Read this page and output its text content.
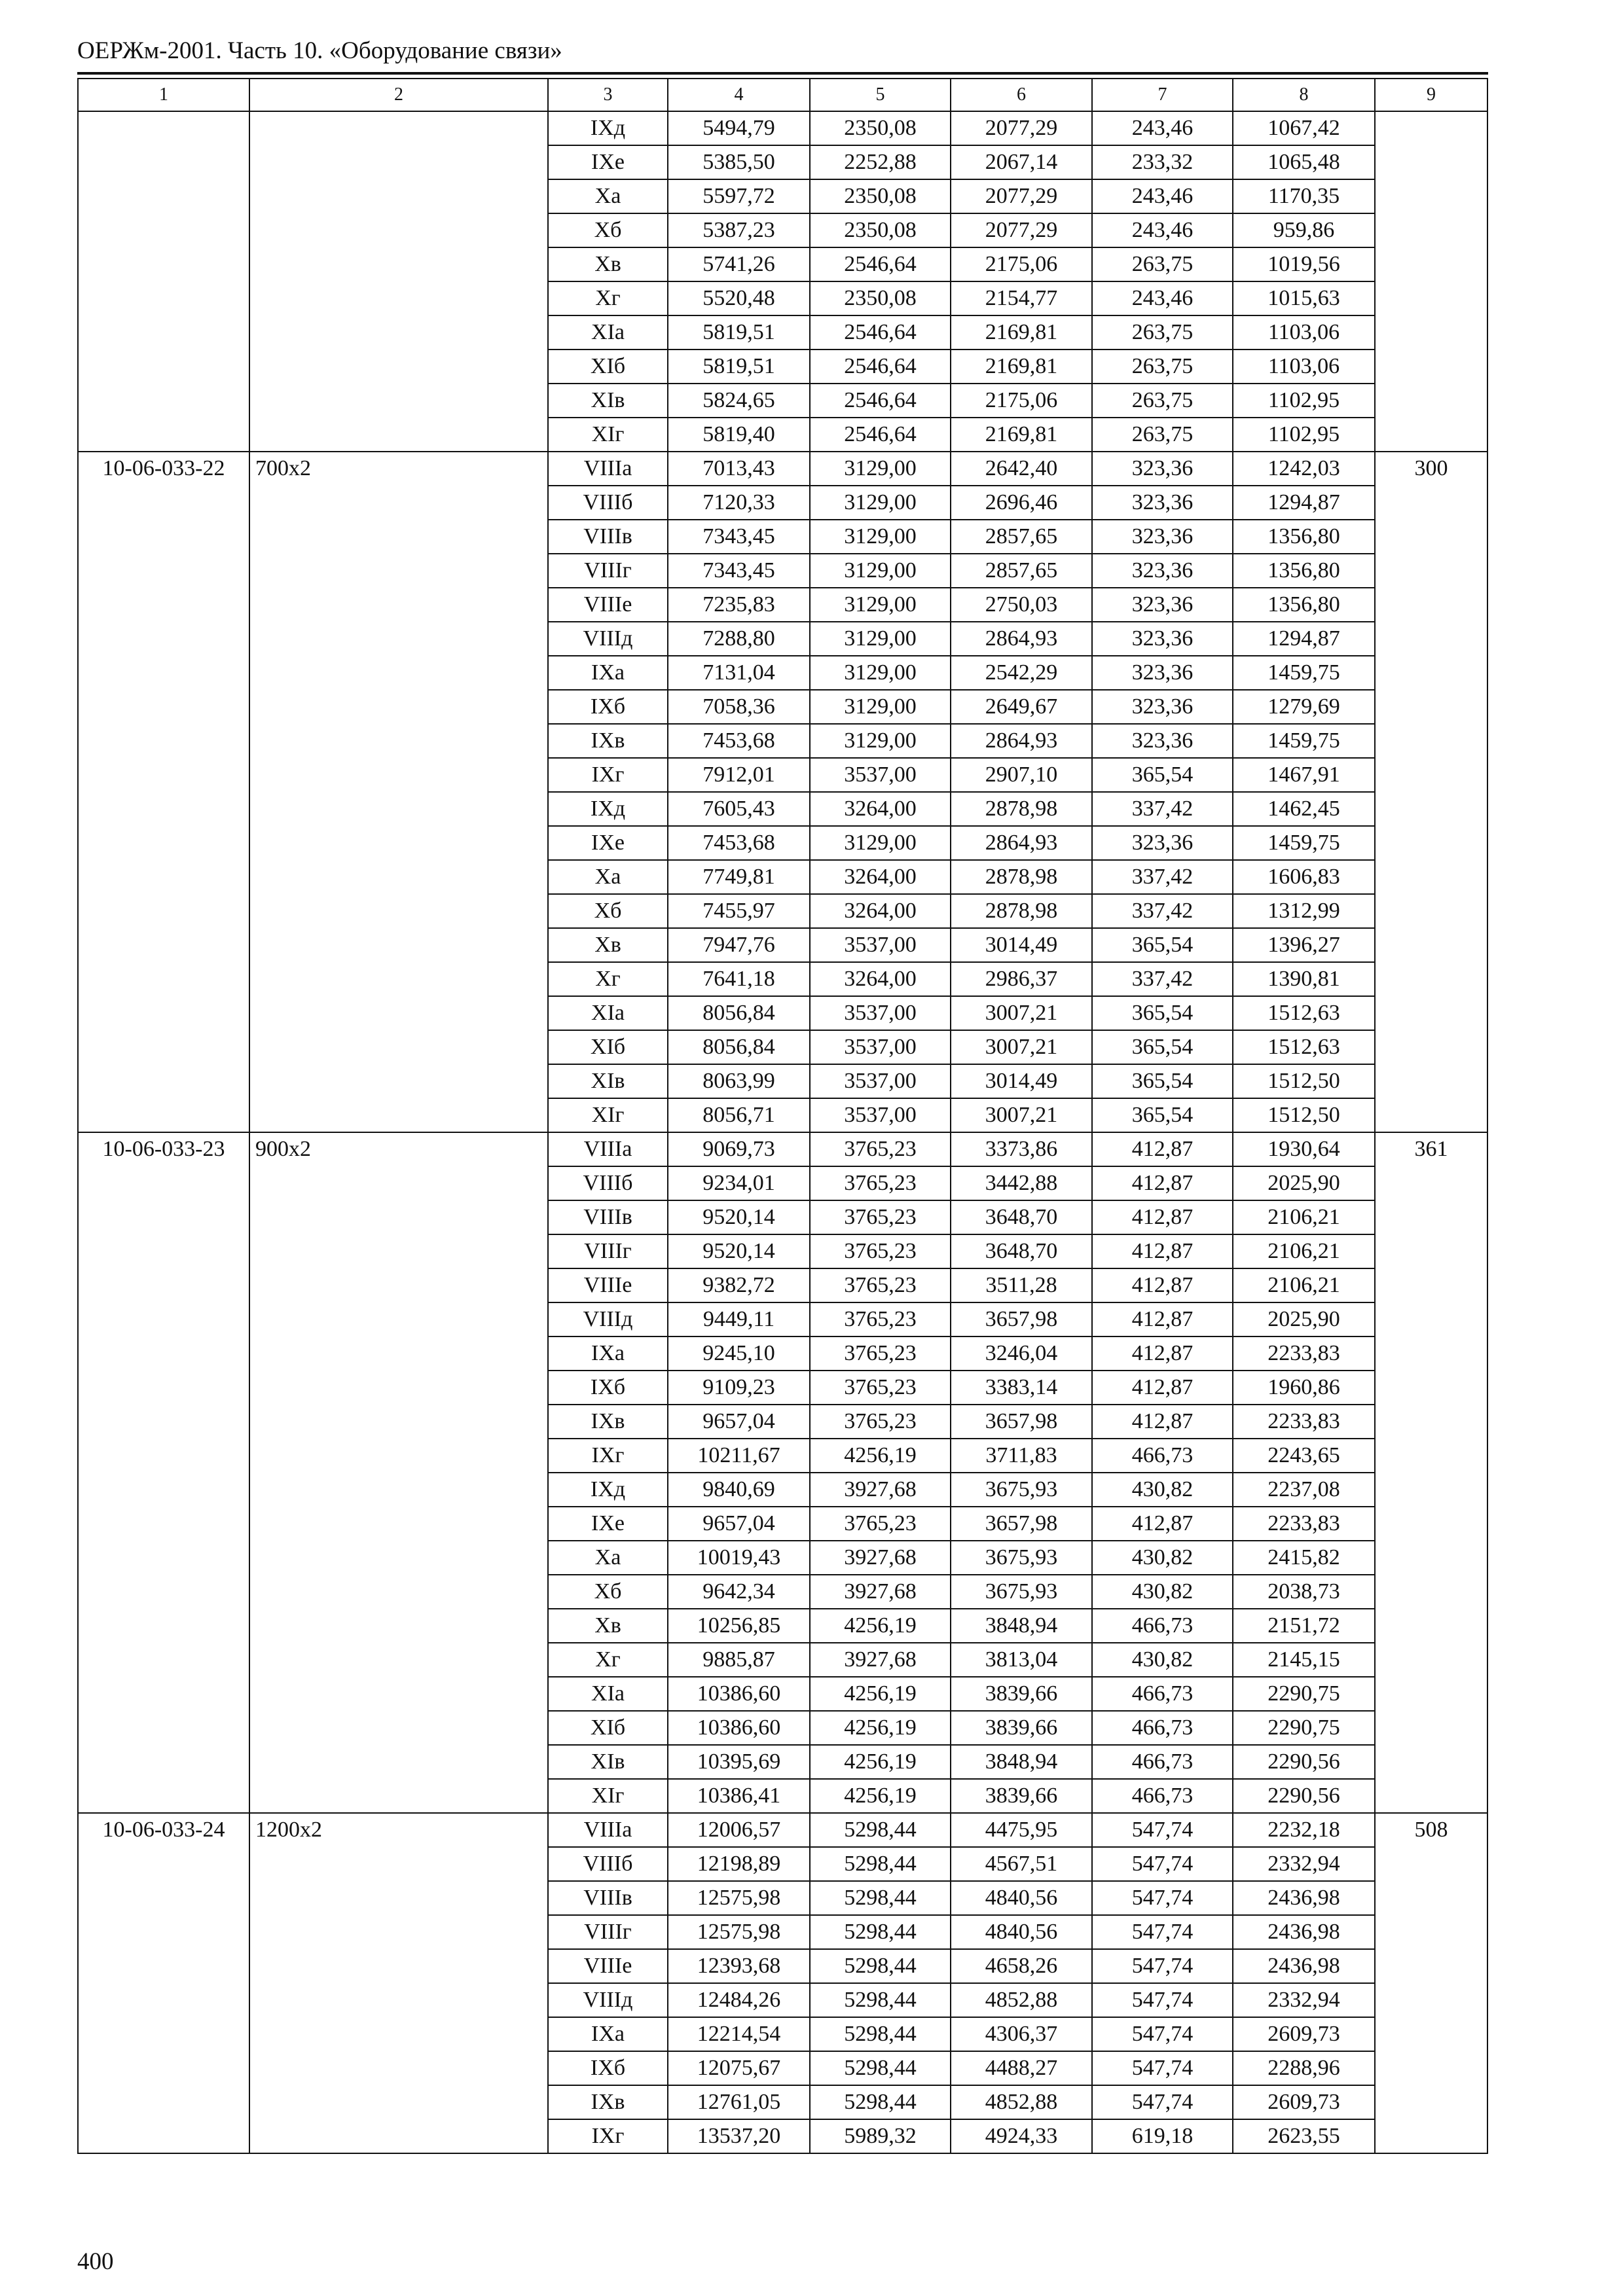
ОЕРЖм-2001. Часть 10. «Оборудование связи»
1	2	3	4	5	6	7	8	9
		IXд	5494,79	2350,08	2077,29	243,46	1067,42	
		IXе	5385,50	2252,88	2067,14	233,32	1065,48	
		Xа	5597,72	2350,08	2077,29	243,46	1170,35	
		Xб	5387,23	2350,08	2077,29	243,46	959,86	
		Xв	5741,26	2546,64	2175,06	263,75	1019,56	
		Xг	5520,48	2350,08	2154,77	243,46	1015,63	
		XIа	5819,51	2546,64	2169,81	263,75	1103,06	
		XIб	5819,51	2546,64	2169,81	263,75	1103,06	
		XIв	5824,65	2546,64	2175,06	263,75	1102,95	
		XIг	5819,40	2546,64	2169,81	263,75	1102,95	
10-06-033-22	700x2	VIIIа	7013,43	3129,00	2642,40	323,36	1242,03	300
		VIIIб	7120,33	3129,00	2696,46	323,36	1294,87	
		VIIIв	7343,45	3129,00	2857,65	323,36	1356,80	
		VIIIг	7343,45	3129,00	2857,65	323,36	1356,80	
		VIIIе	7235,83	3129,00	2750,03	323,36	1356,80	
		VIIIд	7288,80	3129,00	2864,93	323,36	1294,87	
		IXа	7131,04	3129,00	2542,29	323,36	1459,75	
		IXб	7058,36	3129,00	2649,67	323,36	1279,69	
		IXв	7453,68	3129,00	2864,93	323,36	1459,75	
		IXг	7912,01	3537,00	2907,10	365,54	1467,91	
		IXд	7605,43	3264,00	2878,98	337,42	1462,45	
		IXе	7453,68	3129,00	2864,93	323,36	1459,75	
		Xа	7749,81	3264,00	2878,98	337,42	1606,83	
		Xб	7455,97	3264,00	2878,98	337,42	1312,99	
		Xв	7947,76	3537,00	3014,49	365,54	1396,27	
		Xг	7641,18	3264,00	2986,37	337,42	1390,81	
		XIа	8056,84	3537,00	3007,21	365,54	1512,63	
		XIб	8056,84	3537,00	3007,21	365,54	1512,63	
		XIв	8063,99	3537,00	3014,49	365,54	1512,50	
		XIг	8056,71	3537,00	3007,21	365,54	1512,50	
10-06-033-23	900x2	VIIIа	9069,73	3765,23	3373,86	412,87	1930,64	361
		VIIIб	9234,01	3765,23	3442,88	412,87	2025,90	
		VIIIв	9520,14	3765,23	3648,70	412,87	2106,21	
		VIIIг	9520,14	3765,23	3648,70	412,87	2106,21	
		VIIIе	9382,72	3765,23	3511,28	412,87	2106,21	
		VIIIд	9449,11	3765,23	3657,98	412,87	2025,90	
		IXа	9245,10	3765,23	3246,04	412,87	2233,83	
		IXб	9109,23	3765,23	3383,14	412,87	1960,86	
		IXв	9657,04	3765,23	3657,98	412,87	2233,83	
		IXг	10211,67	4256,19	3711,83	466,73	2243,65	
		IXд	9840,69	3927,68	3675,93	430,82	2237,08	
		IXе	9657,04	3765,23	3657,98	412,87	2233,83	
		Xа	10019,43	3927,68	3675,93	430,82	2415,82	
		Xб	9642,34	3927,68	3675,93	430,82	2038,73	
		Xв	10256,85	4256,19	3848,94	466,73	2151,72	
		Xг	9885,87	3927,68	3813,04	430,82	2145,15	
		XIа	10386,60	4256,19	3839,66	466,73	2290,75	
		XIб	10386,60	4256,19	3839,66	466,73	2290,75	
		XIв	10395,69	4256,19	3848,94	466,73	2290,56	
		XIг	10386,41	4256,19	3839,66	466,73	2290,56	
10-06-033-24	1200x2	VIIIа	12006,57	5298,44	4475,95	547,74	2232,18	508
		VIIIб	12198,89	5298,44	4567,51	547,74	2332,94	
		VIIIв	12575,98	5298,44	4840,56	547,74	2436,98	
		VIIIг	12575,98	5298,44	4840,56	547,74	2436,98	
		VIIIе	12393,68	5298,44	4658,26	547,74	2436,98	
		VIIIд	12484,26	5298,44	4852,88	547,74	2332,94	
		IXа	12214,54	5298,44	4306,37	547,74	2609,73	
		IXб	12075,67	5298,44	4488,27	547,74	2288,96	
		IXв	12761,05	5298,44	4852,88	547,74	2609,73	
		IXг	13537,20	5989,32	4924,33	619,18	2623,55	
400
